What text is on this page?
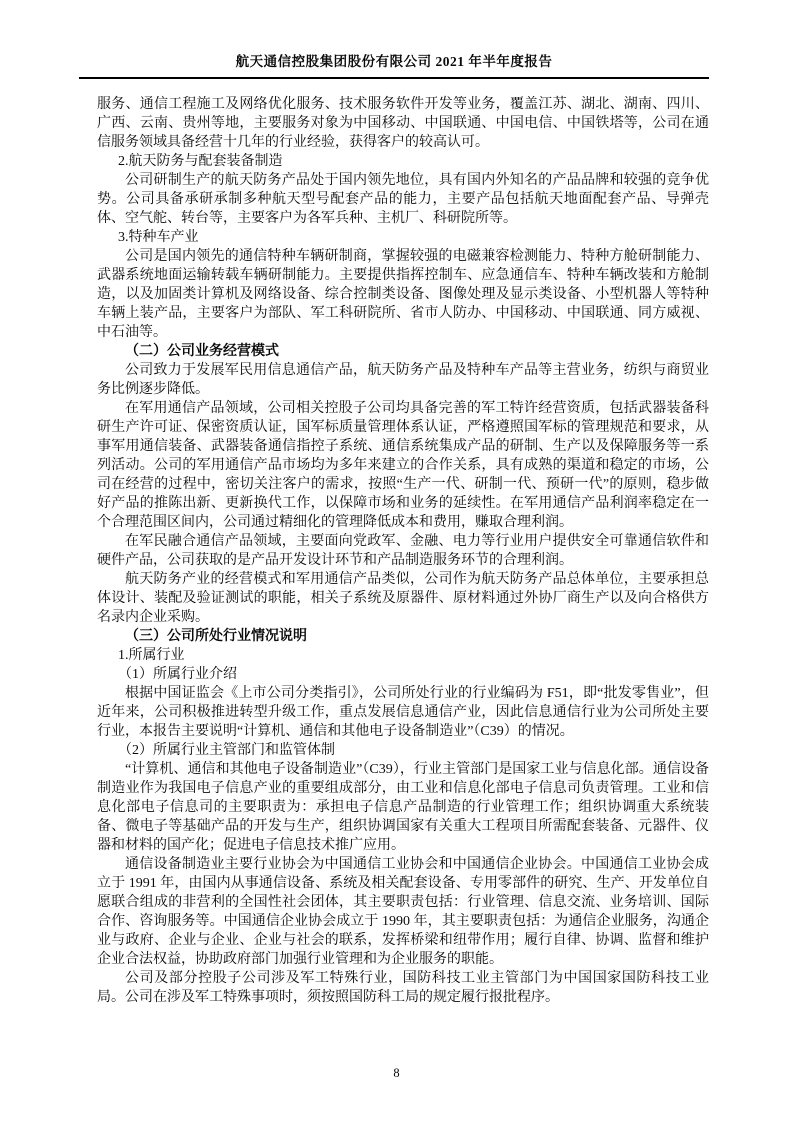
航天通信控股集团股份有限公司 2021 年半年度报告

服务、通信工程施工及网络优化服务、技术服务软件开发等业务，覆盖江苏、湖北、湖南、四川、广西、云南、贵州等地，主要服务对象为中国移动、中国联通、中国电信、中国铁塔等，公司在通信服务领域具备经营十几年的行业经验，获得客户的较高认可。

2.航天防务与配套装备制造

公司研制生产的航天防务产品处于国内领先地位，具有国内外知名的产品品牌和较强的竞争优势。公司具备承研承制多种航天型号配套产品的能力，主要产品包括航天地面配套产品、导弹壳体、空气舵、转台等，主要客户为各军兵种、主机厂、科研院所等。

3.特种车产业

公司是国内领先的通信特种车辆研制商，掌握较强的电磁兼容检测能力、特种方舱研制能力、武器系统地面运输转载车辆研制能力。主要提供指挥控制车、应急通信车、特种车辆改装和方舱制造，以及加固类计算机及网络设备、综合控制类设备、图像处理及显示类设备、小型机器人等特种车辆上装产品，主要客户为部队、军工科研院所、省市人防办、中国移动、中国联通、同方威视、中石油等。

（二）公司业务经营模式

公司致力于发展军民用信息通信产品，航天防务产品及特种车产品等主营业务，纺织与商贸业务比例逐步降低。

在军用通信产品领域，公司相关控股子公司均具备完善的军工特许经营资质，包括武器装备科研生产许可证、保密资质认证，国军标质量管理体系认证，严格遵照国军标的管理规范和要求，从事军用通信装备、武器装备通信指控子系统、通信系统集成产品的研制、生产以及保障服务等一系列活动。公司的军用通信产品市场均为多年来建立的合作关系，具有成熟的渠道和稳定的市场，公司在经营的过程中，密切关注客户的需求，按照“生产一代、研制一代、预研一代”的原则，稳步做好产品的推陈出新、更新换代工作，以保障市场和业务的延续性。在军用通信产品利润率稳定在一个合理范围区间内，公司通过精细化的管理降低成本和费用，赚取合理利润。

在军民融合通信产品领域，主要面向党政军、金融、电力等行业用户提供安全可靠通信软件和硬件产品，公司获取的是产品开发设计环节和产品制造服务环节的合理利润。

航天防务产业的经营模式和军用通信产品类似，公司作为航天防务产品总体单位，主要承担总体设计、装配及验证测试的职能，相关子系统及原器件、原材料通过外协厂商生产以及向合格供方名录内企业采购。

（三）公司所处行业情况说明

1.所属行业

（1）所属行业介绍

根据中国证监会《上市公司分类指引》，公司所处行业的行业编码为 F51，即“批发零售业”，但近年来，公司积极推进转型升级工作，重点发展信息通信产业，因此信息通信行业为公司所处主要行业，本报告主要说明“计算机、通信和其他电子设备制造业”（C39）的情况。

（2）所属行业主管部门和监管体制

“计算机、通信和其他电子设备制造业”（C39），行业主管部门是国家工业与信息化部。通信设备制造业作为我国电子信息产业的重要组成部分，由工业和信息化部电子信息司负责管理。工业和信息化部电子信息司的主要职责为：承担电子信息产品制造的行业管理工作；组织协调重大系统装备、微电子等基础产品的开发与生产，组织协调国家有关重大工程项目所需配套装备、元器件、仪器和材料的国产化；促进电子信息技术推广应用。

通信设备制造业主要行业协会为中国通信工业协会和中国通信企业协会。中国通信工业协会成立于 1991 年，由国内从事通信设备、系统及相关配套设备、专用零部件的研究、生产、开发单位自愿联合组成的非营利的全国性社会团体，其主要职责包括：行业管理、信息交流、业务培训、国际合作、咨询服务等。中国通信企业协会成立于 1990 年，其主要职责包括：为通信企业服务，沟通企业与政府、企业与企业、企业与社会的联系，发挥桥梁和纽带作用；履行自律、协调、监督和维护企业合法权益，协助政府部门加强行业管理和为企业服务的职能。

公司及部分控股子公司涉及军工特殊行业，国防科技工业主管部门为中国国家国防科技工业局。公司在涉及军工特殊事项时，须按照国防科工局的规定履行报批程序。

8
